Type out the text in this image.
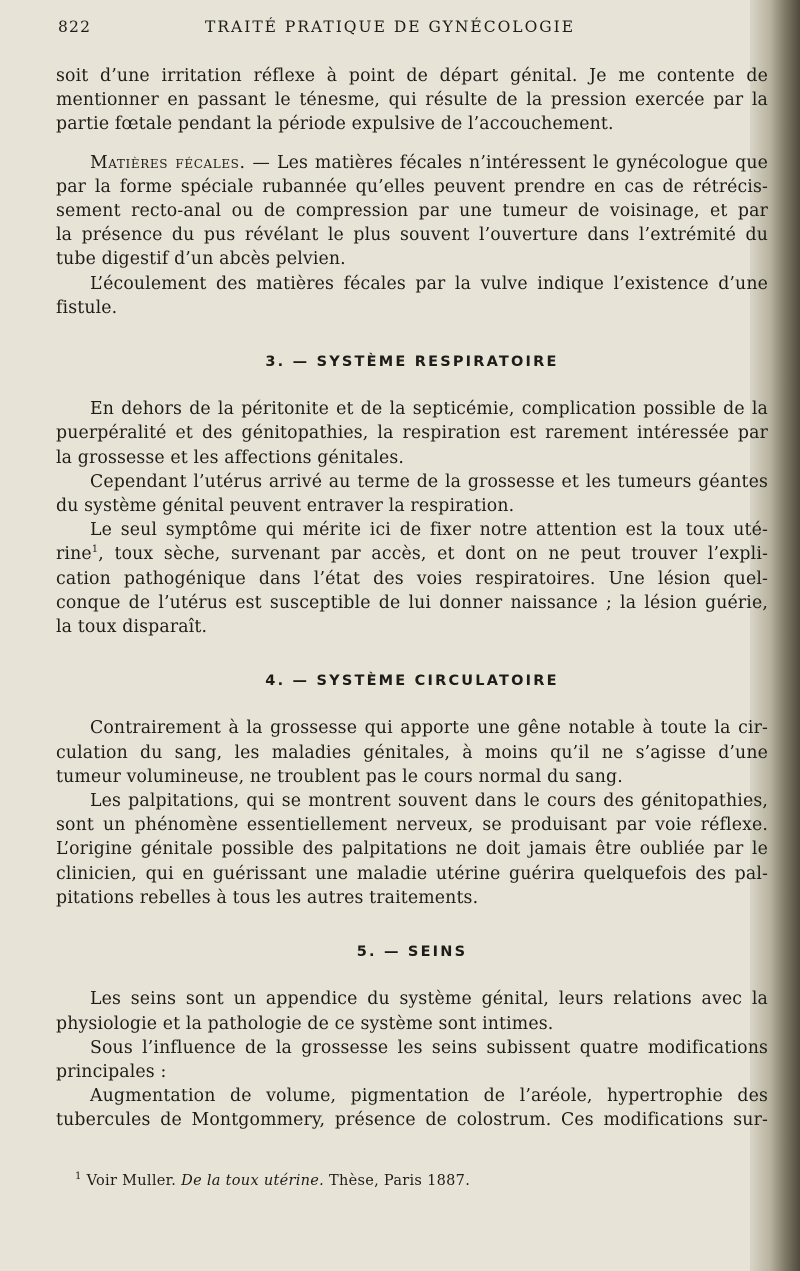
822	TRAITÉ PRATIQUE DE GYNÉCOLOGIE

soit d’une irritation réflexe à point de départ génital. Je me contente de
mentionner en passant le ténesme, qui résulte de la pression exercée par la
partie fœtale pendant la période expulsive de l’accouchement.

Matières fécales. — Les matières fécales n’intéressent le gynécologue que
par la forme spéciale rubannée qu’elles peuvent prendre en cas de rétrécis-
sement recto-anal ou de compression par une tumeur de voisinage, et par
la présence du pus révélant le plus souvent l’ouverture dans l’extrémité du
tube digestif d’un abcès pelvien.

L’écoulement des matières fécales par la vulve indique l’existence d’une
fistule.

3. — SYSTÈME RESPIRATOIRE

En dehors de la péritonite et de la septicémie, complication possible de la
puerpéralité et des génitopathies, la respiration est rarement intéressée par
la grossesse et les affections génitales.

Cependant l’utérus arrivé au terme de la grossesse et les tumeurs géantes
du système génital peuvent entraver la respiration.

Le seul symptôme qui mérite ici de fixer notre attention est la toux uté-
rine$^1$, toux sèche, survenant par accès, et dont on ne peut trouver l’expli-
cation pathogénique dans l’état des voies respiratoires. Une lésion quel-
conque de l’utérus est susceptible de lui donner naissance ; la lésion guérie,
la toux disparaît.

4. — SYSTÈME CIRCULATOIRE

Contrairement à la grossesse qui apporte une gêne notable à toute la cir-
culation du sang, les maladies génitales, à moins qu’il ne s’agisse d’une
tumeur volumineuse, ne troublent pas le cours normal du sang.

Les palpitations, qui se montrent souvent dans le cours des génitopathies,
sont un phénomène essentiellement nerveux, se produisant par voie réflexe.
L’origine génitale possible des palpitations ne doit jamais être oubliée par le
clinicien, qui en guérissant une maladie utérine guérira quelquefois des pal-
pitations rebelles à tous les autres traitements.

5. — SEINS

Les seins sont un appendice du système génital, leurs relations avec la
physiologie et la pathologie de ce système sont intimes.

Sous l’influence de la grossesse les seins subissent quatre modifications
principales :

Augmentation de volume, pigmentation de l’aréole, hypertrophie des
tubercules de Montgommery, présence de colostrum. Ces modifications sur-

$^1$ Voir Muller. De la toux utérine. Thèse, Paris 1887.
